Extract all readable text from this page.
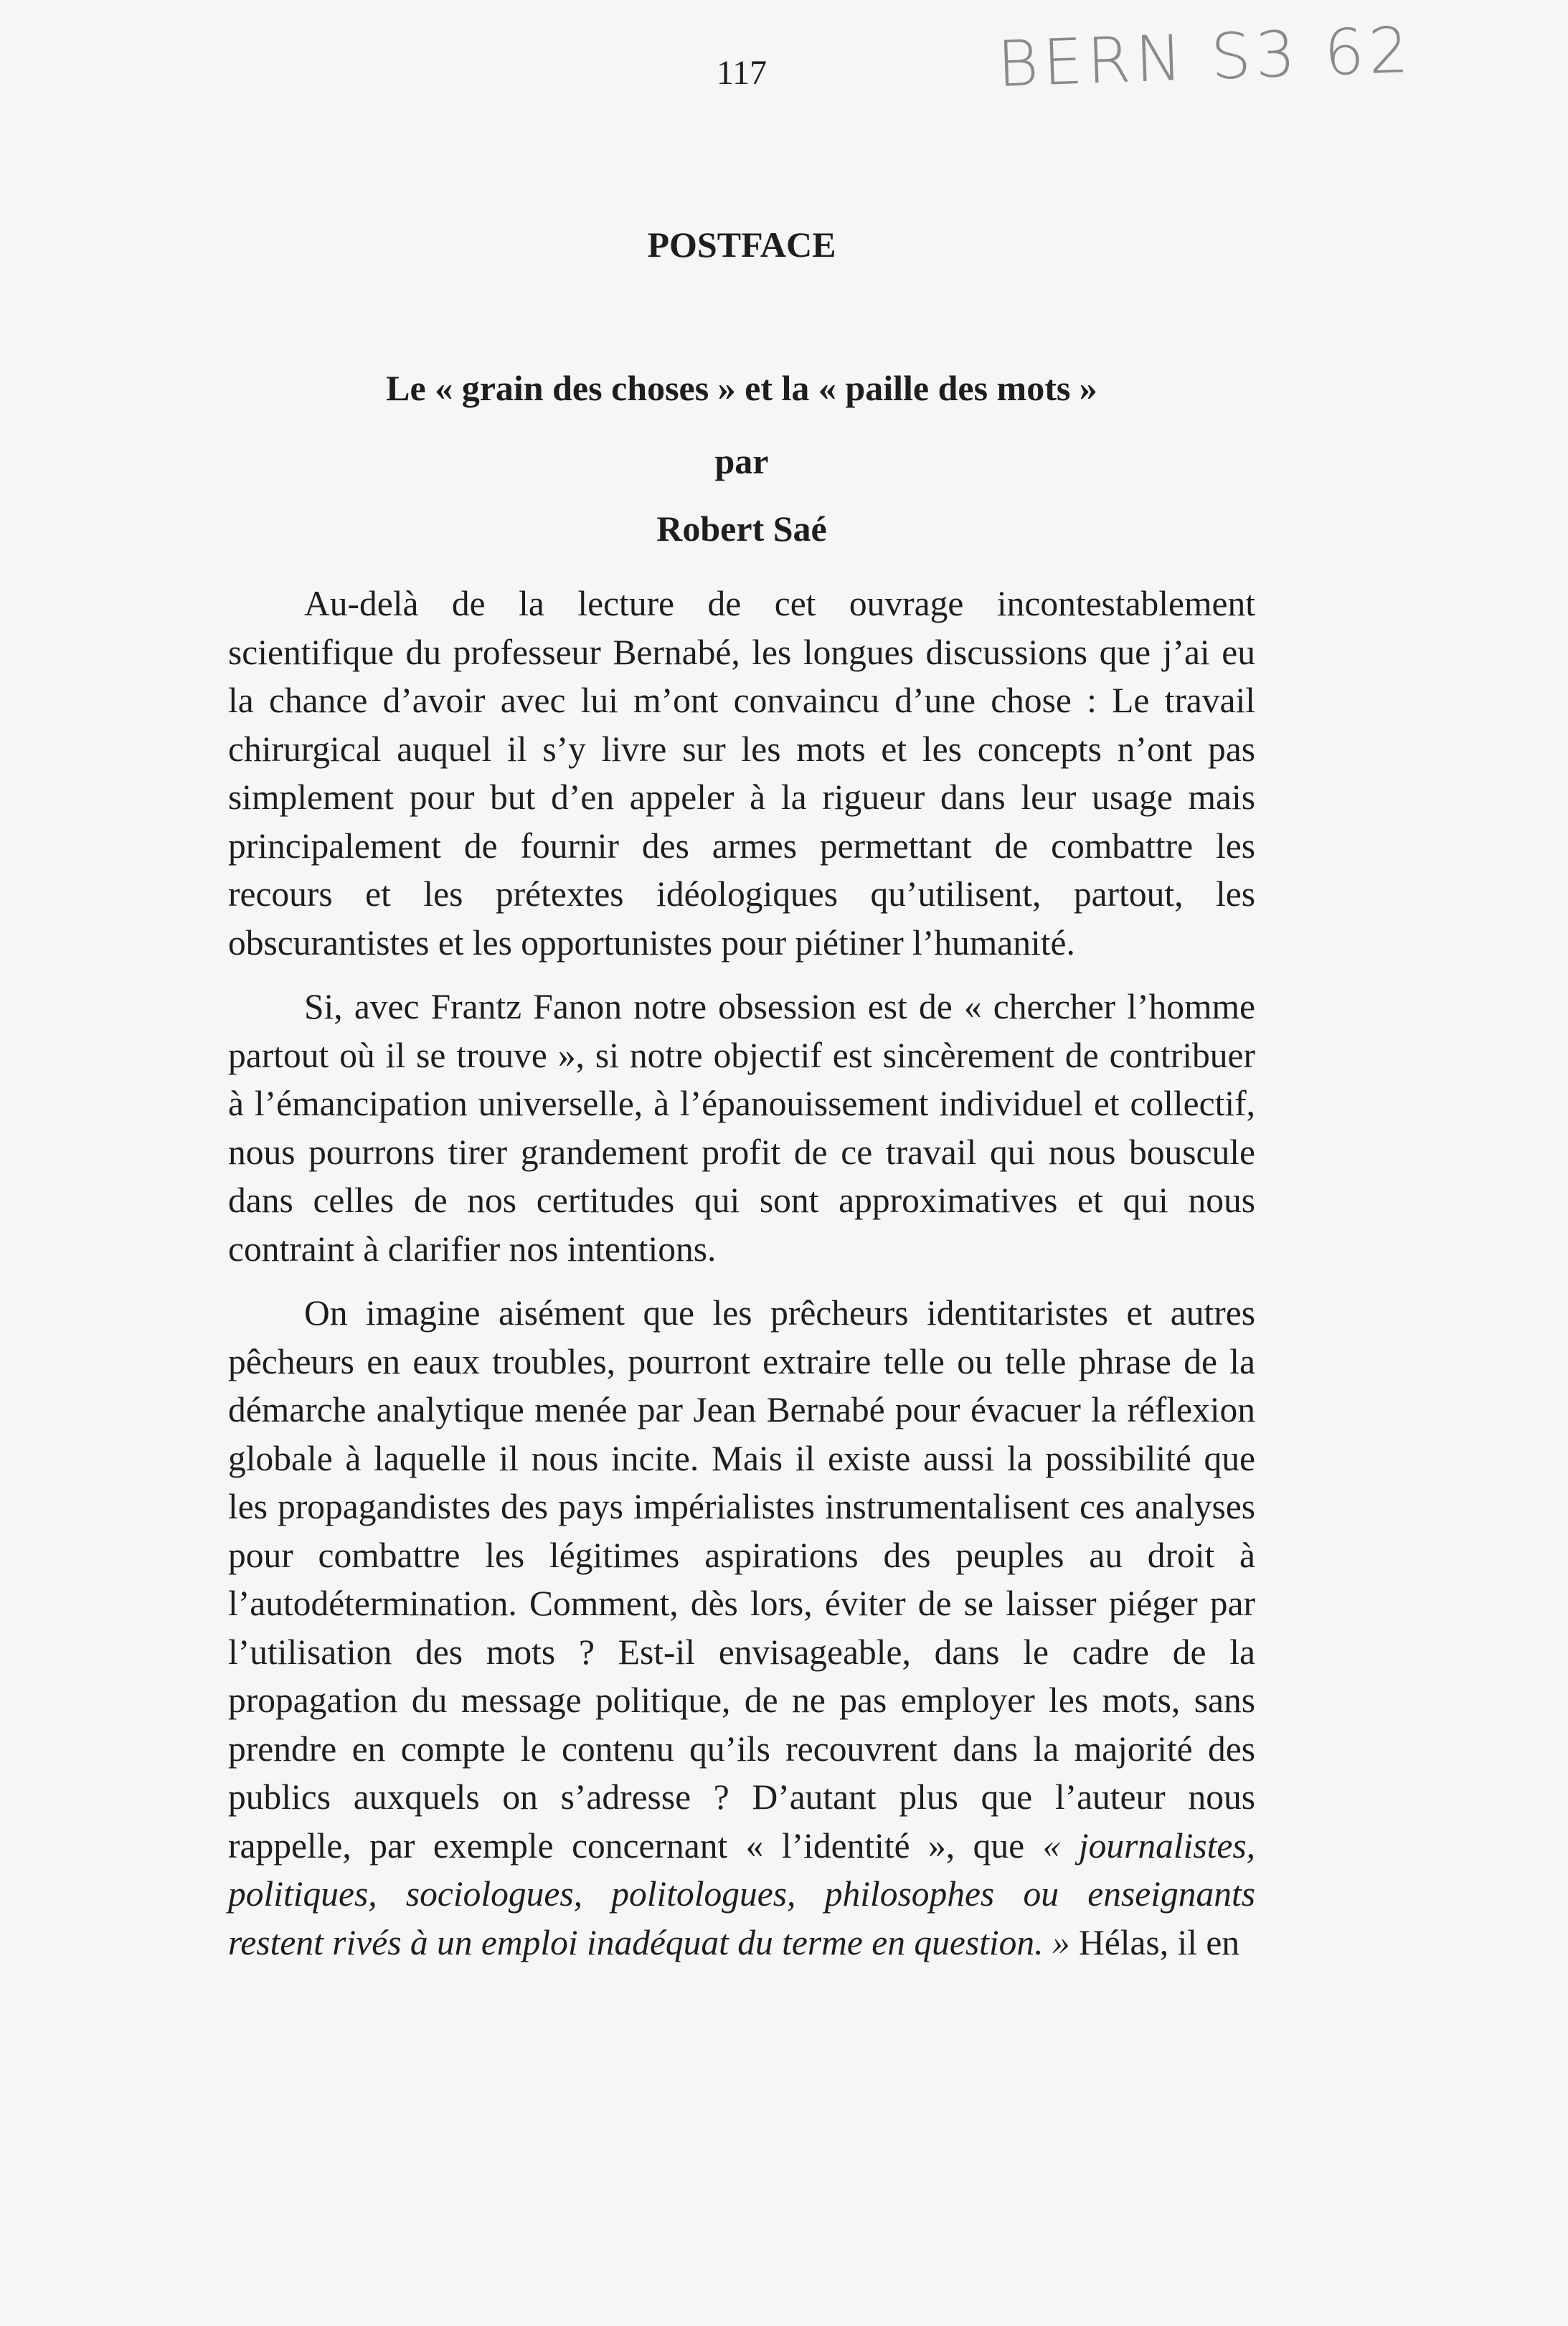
BERN S3 62
117
POSTFACE
Le « grain des choses » et la « paille des mots »
par
Robert Saé

Au-delà de la lecture de cet ouvrage incontestablement scientifique du professeur Bernabé, les longues discussions que j’ai eu la chance d’avoir avec lui m’ont convaincu d’une chose : Le travail chirurgical auquel il s’y livre sur les mots et les concepts n’ont pas simplement pour but d’en appeler à la rigueur dans leur usage mais principalement de fournir des armes permettant de combattre les recours et les prétextes idéologiques qu’utilisent, partout, les obscurantistes et les opportunistes pour piétiner l’humanité.

Si, avec Frantz Fanon notre obsession est de « chercher l’homme partout où il se trouve », si notre objectif est sincèrement de contribuer à l’émancipation universelle, à l’épanouissement individuel et collectif, nous pourrons tirer grandement profit de ce travail qui nous bouscule dans celles de nos certitudes qui sont approximatives et qui nous contraint à clarifier nos intentions.

On imagine aisément que les prêcheurs identitaristes et autres pêcheurs en eaux troubles, pourront extraire telle ou telle phrase de la démarche analytique menée par Jean Bernabé pour évacuer la réflexion globale à laquelle il nous incite. Mais il existe aussi la possibilité que les propagandistes des pays impérialistes instrumentalisent ces analyses pour combattre les légitimes aspirations des peuples au droit à l’autodétermination. Comment, dès lors, éviter de se laisser piéger par l’utilisation des mots ? Est-il envisageable, dans le cadre de la propagation du message politique, de ne pas employer les mots, sans prendre en compte le contenu qu’ils recouvrent dans la majorité des publics auxquels on s’adresse ? D’autant plus que l’auteur nous rappelle, par exemple concernant « l’identité », que « journalistes, politiques, sociologues, politologues, philosophes ou enseignants restent rivés à un emploi inadéquat du terme en question. » Hélas, il en
